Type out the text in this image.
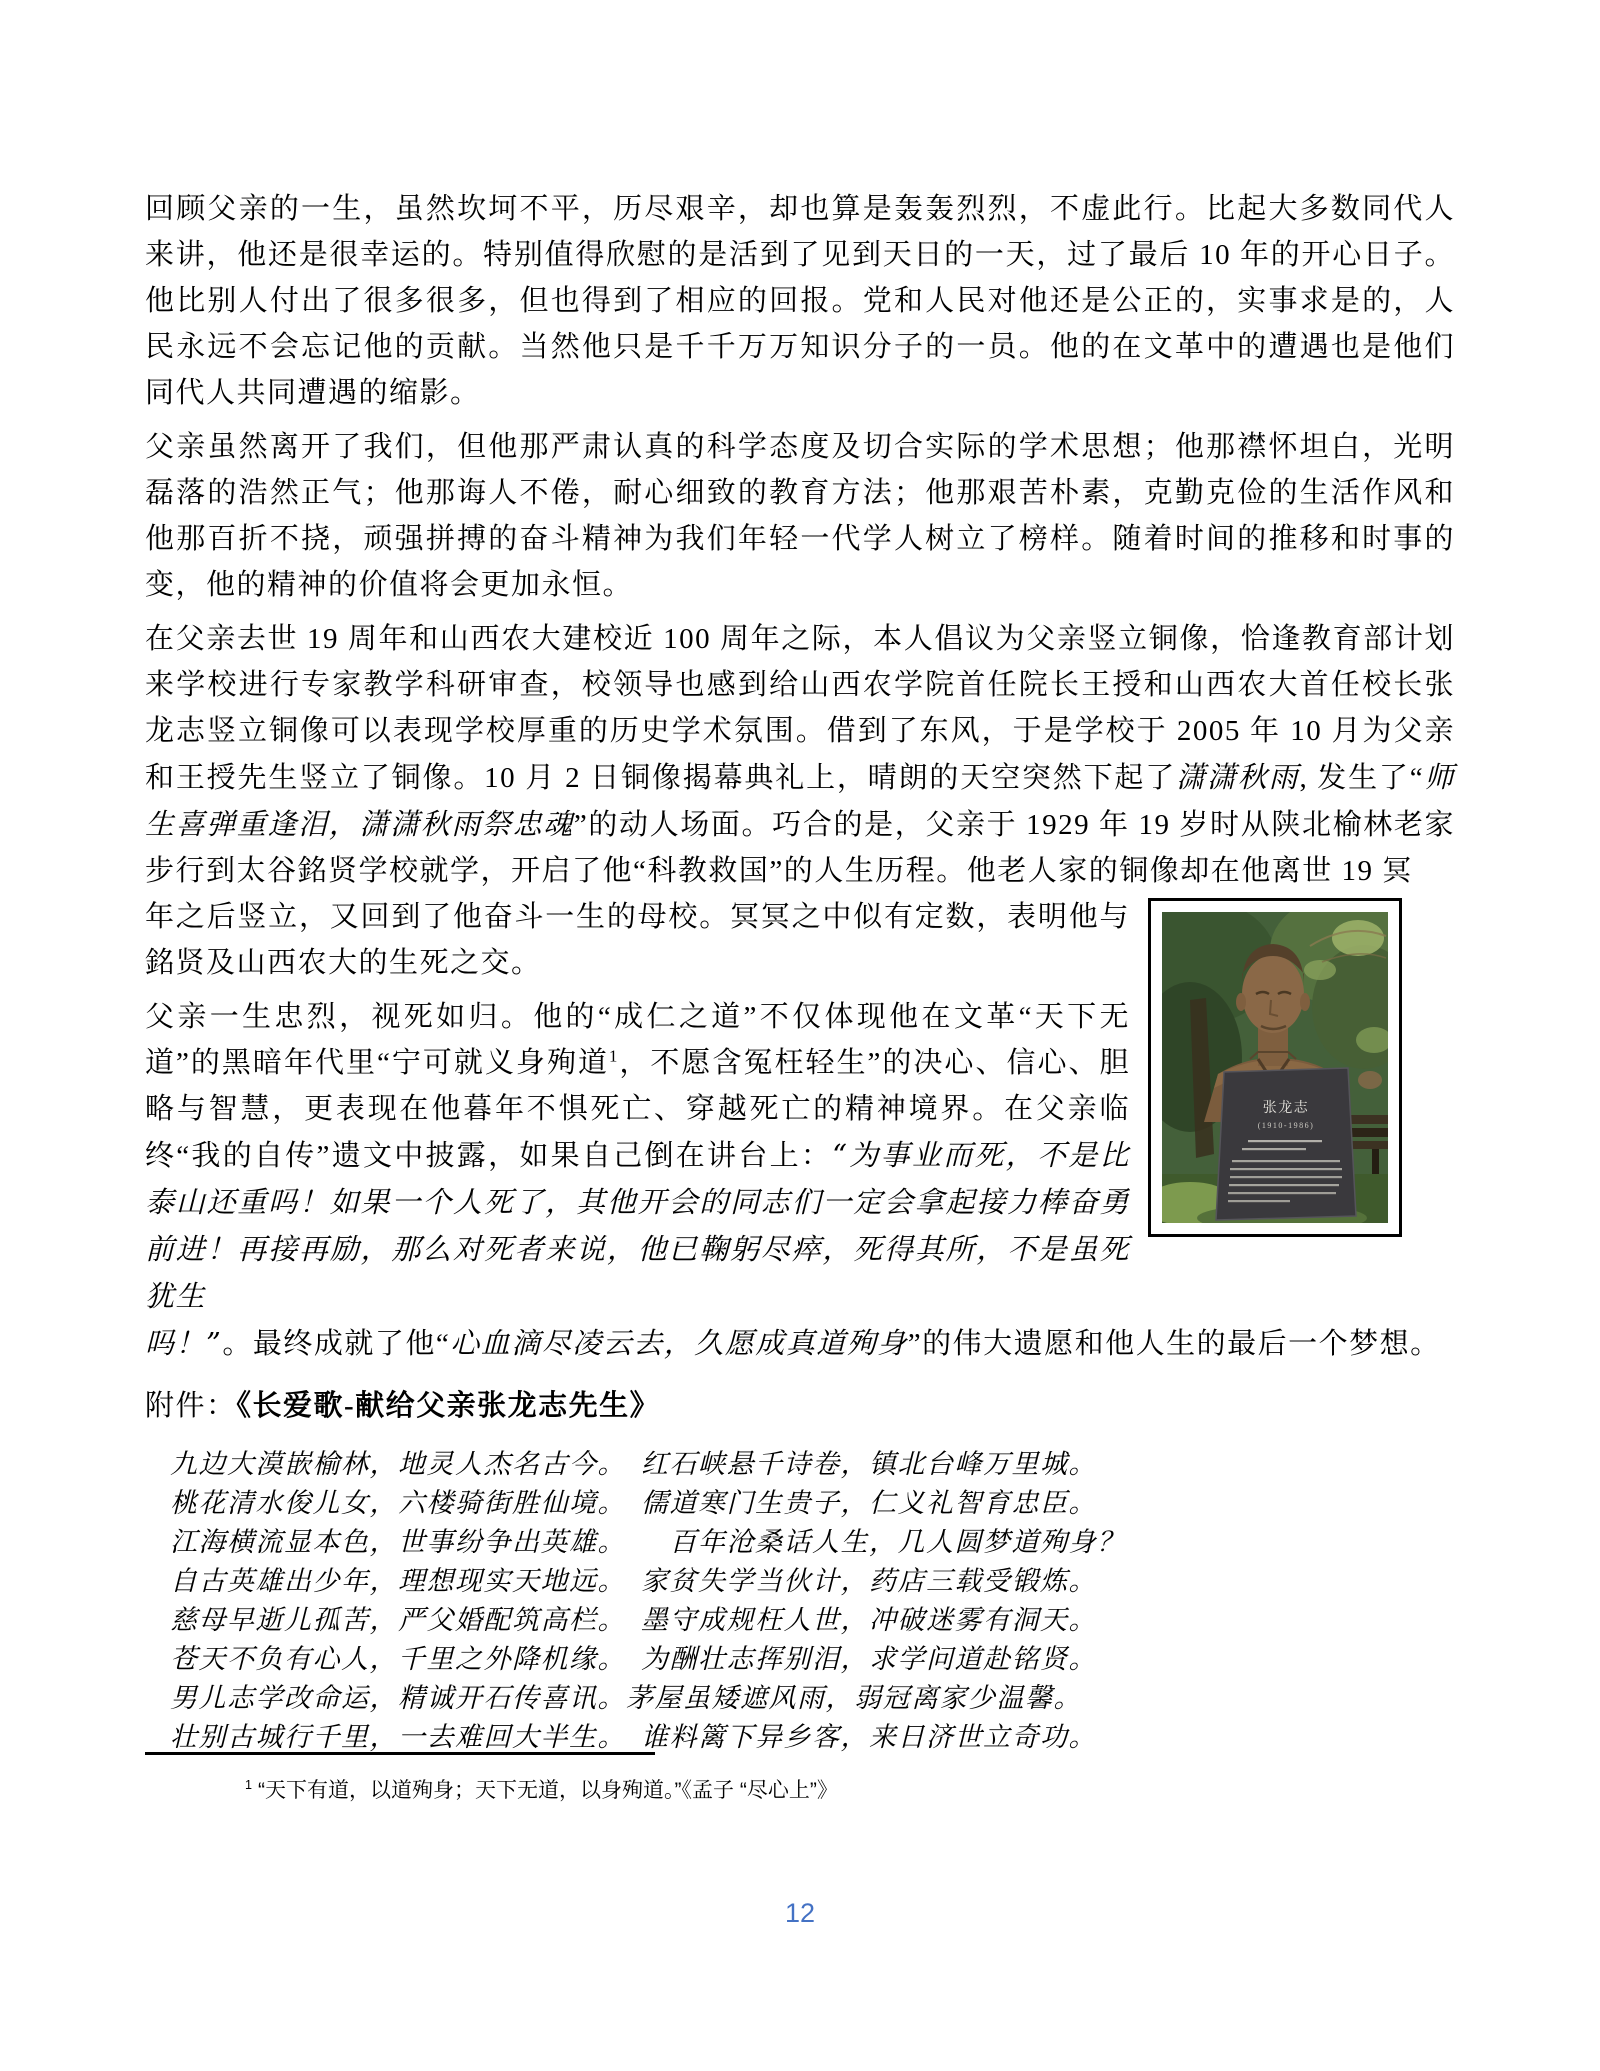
回顾父亲的一生，虽然坎坷不平，历尽艰辛，却也算是轰轰烈烈，不虚此行。比起大多数同代人来讲，他还是很幸运的。特别值得欣慰的是活到了见到天日的一天，过了最后 10 年的开心日子。他比别人付出了很多很多，但也得到了相应的回报。党和人民对他还是公正的，实事求是的，人民永远不会忘记他的贡献。当然他只是千千万万知识分子的一员。他的在文革中的遭遇也是他们同代人共同遭遇的缩影。
父亲虽然离开了我们，但他那严肃认真的科学态度及切合实际的学术思想；他那襟怀坦白，光明磊落的浩然正气；他那诲人不倦，耐心细致的教育方法；他那艰苦朴素，克勤克俭的生活作风和他那百折不挠，顽强拼搏的奋斗精神为我们年轻一代学人树立了榜样。随着时间的推移和时事的变，他的精神的价值将会更加永恒。
在父亲去世 19 周年和山西农大建校近 100 周年之际，本人倡议为父亲竖立铜像，恰逢教育部计划来学校进行专家教学科研审查，校领导也感到给山西农学院首任院长王授和山西农大首任校长张龙志竖立铜像可以表现学校厚重的历史学术氛围。借到了东风，于是学校于 2005 年 10 月为父亲和王授先生竖立了铜像。10 月 2 日铜像揭幕典礼上，晴朗的天空突然下起了潇潇秋雨, 发生了“师生喜弹重逢泪，潇潇秋雨祭忠魂”的动人场面。巧合的是，父亲于 1929 年 19 岁时从陕北榆林老家步行到太谷銘贤学校就学，开启了他“科教救国”的人生历程。他老人家的铜像却在他离世 19 冥
张龙志
(1910-1986)
年之后竖立，又回到了他奋斗一生的母校。冥冥之中似有定数，表明他与銘贤及山西农大的生死之交。
父亲一生忠烈，视死如归。他的“成仁之道”不仅体现他在文革“天下无道”的黑暗年代里“宁可就义身殉道$^1$，不愿含冤枉轻生”的决心、信心、胆略与智慧，更表现在他暮年不惧死亡、穿越死亡的精神境界。在父亲临终“我的自传”遗文中披露，如果自己倒在讲台上：“为事业而死，不是比泰山还重吗！如果一个人死了，其他开会的同志们一定会拿起接力棒奋勇前进！再接再励，那么对死者来说，他已鞠躬尽瘁，死得其所，不是虽死犹生
吗！”。最终成就了他“心血滴尽凌云去，久愿成真道殉身”的伟大遗愿和他人生的最后一个梦想。
附件：《长爱歌-献给父亲张龙志先生》
九边大漠嵌榆林，地灵人杰名古今。　红石峡悬千诗卷，镇北台峰万里城。
桃花清水俊儿女，六楼骑街胜仙境。　儒道寒门生贵子，仁义礼智育忠臣。
江海横流显本色，世事纷争出英雄。　　百年沧桑话人生，几人圆梦道殉身？
自古英雄出少年，理想现实天地远。　家贫失学当伙计，药店三载受锻炼。
慈母早逝儿孤苦，严父婚配筑高栏。　墨守成规枉人世，冲破迷雾有洞天。
苍天不负有心人，千里之外降机缘。　为酬壮志挥别泪，求学问道赴铭贤。
男儿志学改命运，精诚开石传喜讯。茅屋虽矮遮风雨，弱冠离家少温馨。
壮别古城行千里，一去难回大半生。　谁料篱下异乡客，来日济世立奇功。
$^1$ “天下有道，以道殉身；天下无道，以身殉道。”《孟子 “尽心上”》
12
